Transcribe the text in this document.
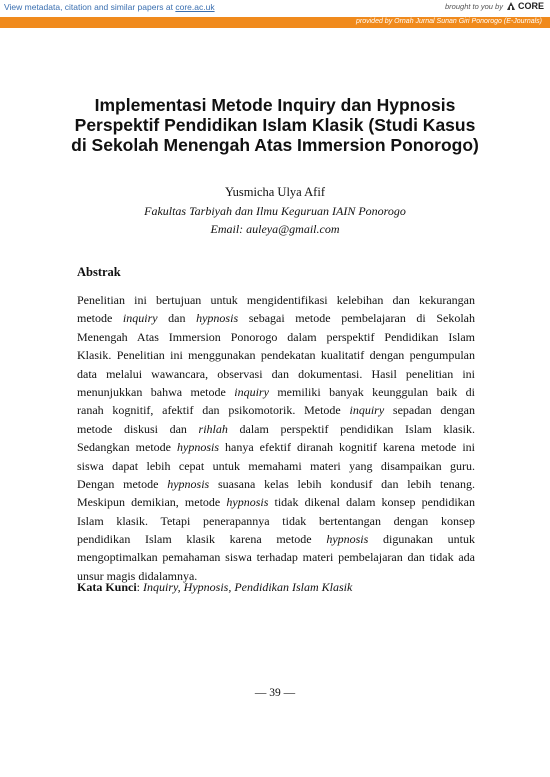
View metadata, citation and similar papers at core.ac.uk	brought to you by CORE
provided by Ornah Jurnal Sunan Giri Ponorogo (E-Journals)
Implementasi Metode Inquiry dan Hypnosis
Perspektif Pendidikan Islam Klasik (Studi Kasus
di Sekolah Menengah Atas Immersion Ponorogo)
Yusmicha Ulya Afif
Fakultas Tarbiyah dan Ilmu Keguruan IAIN Ponorogo
Email: auleya@gmail.com
Abstrak
Penelitian ini bertujuan untuk mengidentifikasi kelebihan dan kekurangan
metode inquiry dan hypnosis sebagai metode pembelajaran di Sekolah
Menengah Atas Immersion Ponorogo dalam perspektif Pendidikan Islam
Klasik. Penelitian ini menggunakan pendekatan kualitatif dengan pengumpulan
data melalui wawancara, observasi dan dokumentasi. Hasil penelitian ini
menunjukkan bahwa metode inquiry memiliki banyak keunggulan baik di
ranah kognitif, afektif dan psikomotorik. Metode inquiry sepadan dengan
metode diskusi dan rihlah dalam perspektif pendidikan Islam klasik.
Sedangkan metode hypnosis hanya efektif diranah kognitif karena metode ini
siswa dapat lebih cepat untuk memahami materi yang disampaikan guru.
Dengan metode hypnosis suasana kelas lebih kondusif dan lebih tenang.
Meskipun demikian, metode hypnosis tidak dikenal dalam konsep pendidikan
Islam klasik. Tetapi penerapannya tidak bertentangan dengan konsep
pendidikan Islam klasik karena metode hypnosis digunakan untuk
mengoptimalkan pemahaman siswa terhadap materi pembelajaran dan tidak ada
unsur magis didalamnya.
Kata Kunci: Inquiry, Hypnosis, Pendidikan Islam Klasik
— 39 —
